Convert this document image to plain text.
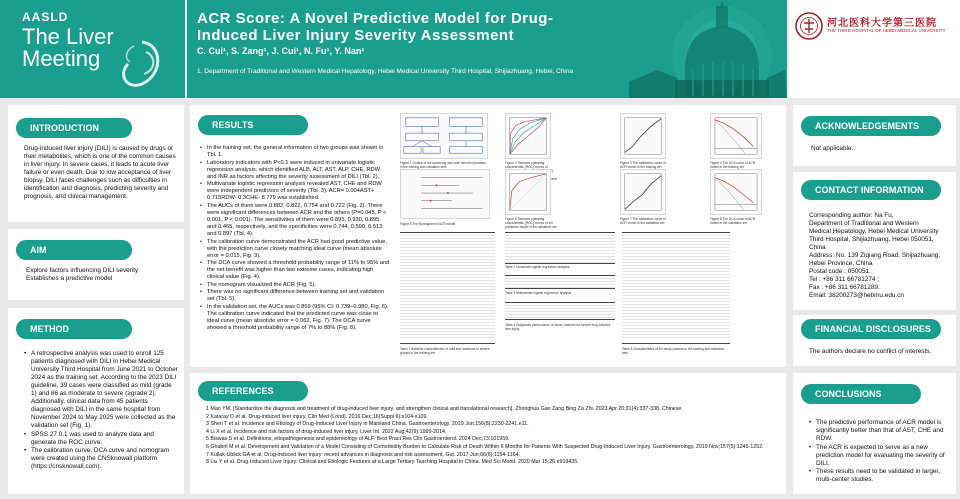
AASLD
The Liver
Meeting
ACR Score: A Novel Predictive Model for Drug-
Induced Liver Injury Severity Assessment
C. Cui¹, S. Zang¹, J. Cui¹, N. Fu¹, Y. Nan¹
1. Department of Traditional and Western Medical Hepatology, Hebei Medical University Third Hospital, Shijiazhuang, Hebei, China
河北医科大学第三医院
THE THIRD HOSPITAL OF HEBEI MEDICAL UNIVERSITY
INTRODUCTION
Drug-induced liver injury (DILI) is caused by drugs or their metabolites, which is one of the common causes in liver injury. In severe cases, it leads to acute liver failure or even death. Due to low acceptance of liver biopsy, DILI faces challenges such as difficulties in identification and diagnosis, predicting severity and prognosis, and clinical management.
AIM
Explore factors influencing DILI severity
Establishes a predictive model
METHOD
• A retrospective analysis was used to enroll 125 patients diagnosed with DILI in Hebei Medical University Third Hospital from June 2021 to October 2024 as the training set. According to the 2023 DILI guideline, 39 cases were classified as mild (grade 1) and 86 as moderate to severe (≥grade 2). Additionally, clinical data from 45 patients diagnosed with DILI in the same hospital from November 2024 to May 2025 were collected as the validation set (Fig. 1).
• SPSS 27.0.1 was used to analyze data and generate the ROC curve.
• The calibration curve, DCA curve and nomogram were created using the CNSknowall platform (https://cnsknowall.com).
RESULTS
• In the training set, the general information of two groups was shown in Tbl. 1.
• Laboratory indicators with P<0.1 were induced in univariate logistic regression analysis, which identified ALB, ALT, AST, ALP, CHE, RDW and INR as factors affecting the severity assessment of DILI (Tbl. 2).
• Multivariate logistic regression analysis revealed AST, CHE and RDW were independent predictors of severity (Tbl. 3). ACR= 0.004AST+ 0.715RDW- 0.3CHE- 8.779 was established.
• The AUCs of them were 0.882, 0.822, 0.754 and 0.722 (Fig. 2). There were significant differences between ACR and the others (P=0.045, P < 0.001, P < 0.001). The sensitivities of them were 0.895, 0.930, 0.895 and 0.465, respectively, and the specificities were 0.744, 0.590, 0.513 and 0.897 (Tbl. 4).
• The calibration curve demonstrated the ACR had good predictive value, with the prediction curve closely matching ideal curve (mean absolute error = 0.015, Fig. 3).
• The DCA curve showed a threshold probability range of 11% to 95% and the net benefit was higher than two extreme cases, indicating high clinical value (Fig. 4).
• The nomogram visualized the ACR (Fig. 5).
• There was no significant difference between training set and validation set (Tbl. 5).
• In the validation set, the AUCs was 0.859 (95% CI: 0.739–0.980, Fig. 6). The calibration curve indicated that the predicted curve was close to ideal curve (mean absolute error = 0.062, Fig. 7). The DCA curve showed a threshold probability range of 7% to 88% (Fig. 8).
Figure 1 Outline of the screening and case selection process in the training and validation sets
Figure 2 Receiver operating characteristic (ROC) curves of aspartate aminotransferase (AST), cholinesterase (CHE), red cell volume distribution width (RDW) and ACR model in the training set
Figure 3 The calibration curve of ACR model in the training set
Figure 4 The DCA curve of ACR model in the training set
Figure 5 The Nomogram of ACR model
Figure 6 Receiver operating characteristic (ROC) curves of the prediction model in the validation set
Figure 7 The calibration curve of ACR model in the validation set
Figure 8 The DCA curve of ACR model in the validation set
Table 1 Baseline characteristics of mild and moderate to severe groups in the training set
Table 2 Univariate logistic regression analysis
Table 3 Multivariate logistic regression analysis
Table 4 Diagnostic performance of serum markers for severe drug-induced liver injury
Table 5 Characteristics of the study patients in the training and validation sets
REFERENCES

1 Mao YM. [Standardize the diagnosis and treatment of drug-induced liver injury, and strengthen clinical and translational research]. Zhonghua Gan Zang Bing Za Zhi. 2023 Apr 20;31(4):337-338. Chinese.

2 Kataray D et al. Drug-induced liver injury. Clin Med (Lond). 2016 Dec;16(Suppl 6):s104-s109.

3 Shen T et al. Incidence and Etiology of Drug-Induced Liver Injury in Mainland China. Gastroenterology. 2019 Jun;156(8):2230-2241.e11.

4 Li X et al. Incidence and risk factors of drug-induced liver injury. Liver Int. 2022 Aug;42(9):1999-2014.

5 Biswas S et al. Definitions, etiopathogenesis and epidemiology of ALF. Best Pract Res Clin Gastroenterol. 2024 Dec;73:101959.

6 Ghabril M et al. Development and Validation of a Model Consisting of Comorbidity Burden to Calculate Risk of Death Within 6 Months for Patients With Suspected Drug-Induced Liver Injury. Gastroenterology. 2019 Nov;157(5):1245-1252.

7 Kullak-Ublick GA et al. Drug-induced liver injury: recent advances in diagnosis and risk assessment. Gut. 2017 Jun;66(6):1154-1164.

8 Liu Y et al. Drug-Induced Liver Injury: Clinical and Etiologic Features at a Large Tertiary Teaching Hospital in China. Med Sci Monit. 2020 Mar 15;26:e919435.

ACKNOWLEDGEMENTS
Not applicable.
CONTACT INFORMATION
Corresponding author: Na Fu,
Department of Traditional and Western
Medical Hepatology, Hebei Medical University
Third Hospital, Shijiazhuang, Hebei 050051,
China
Address: No. 139 Ziqiang Road, Shijiazhuang,
Hebei Province, China
Postal code : 050051.
Tel : +86 311 66781274 ;
Fax : +86 311 66781289.
Email: 38200273@hebmu.edu.cn
FINANCIAL DISCLOSURES
The authors declare no conflict of interests.
CONCLUSIONS
• The predictive performance of ACR model is significantly better than that of AST, CHE and RDW.
• The ACR is expected to serve as a new prediction model for evaluating the severity of DILI.
• These results need to be validated in larger, multi-center studies.
